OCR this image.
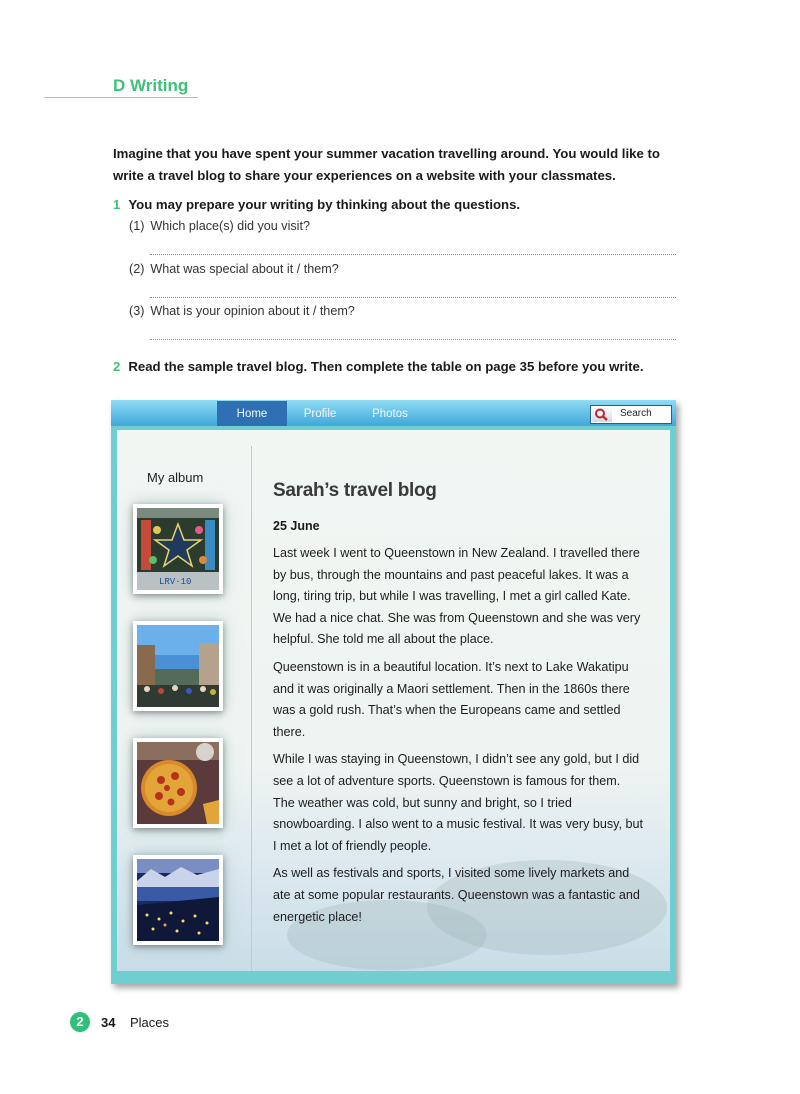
D Writing

Imagine that you have spent your summer vacation travelling around. You would like to

write a travel blog to share your experiences on a website with your classmates.

1 You may prepare your writing by thinking about the questions.
(1) Which place(s) did you visit?
(2) What was special about it / them?
(3) What is your opinion about it / them?
2 Read the sample travel blog. Then complete the table on page 35 before you write.
Home	Profile	Photos	Search
My album
LRV·10
Sarah’s travel blog
25 June

Last week I went to Queenstown in New Zealand. I travelled there by bus, through the mountains and past peaceful lakes. It was a long, tiring trip, but while I was travelling, I met a girl called Kate. We had a nice chat. She was from Queenstown and she was very helpful. She told me all about the place.

Queenstown is in a beautiful location. It’s next to Lake Wakatipu and it was originally a Maori settlement. Then in the 1860s there was a gold rush. That’s when the Europeans came and settled there.

While I was staying in Queenstown, I didn’t see any gold, but I did see a lot of adventure sports. Queenstown is famous for them. The weather was cold, but sunny and bright, so I tried snowboarding. I also went to a music festival. It was very busy, but I met a lot of friendly people.

As well as festivals and sports, I visited some lively markets and ate at some popular restaurants. Queenstown was a fantastic and energetic place!

2	34 Places
